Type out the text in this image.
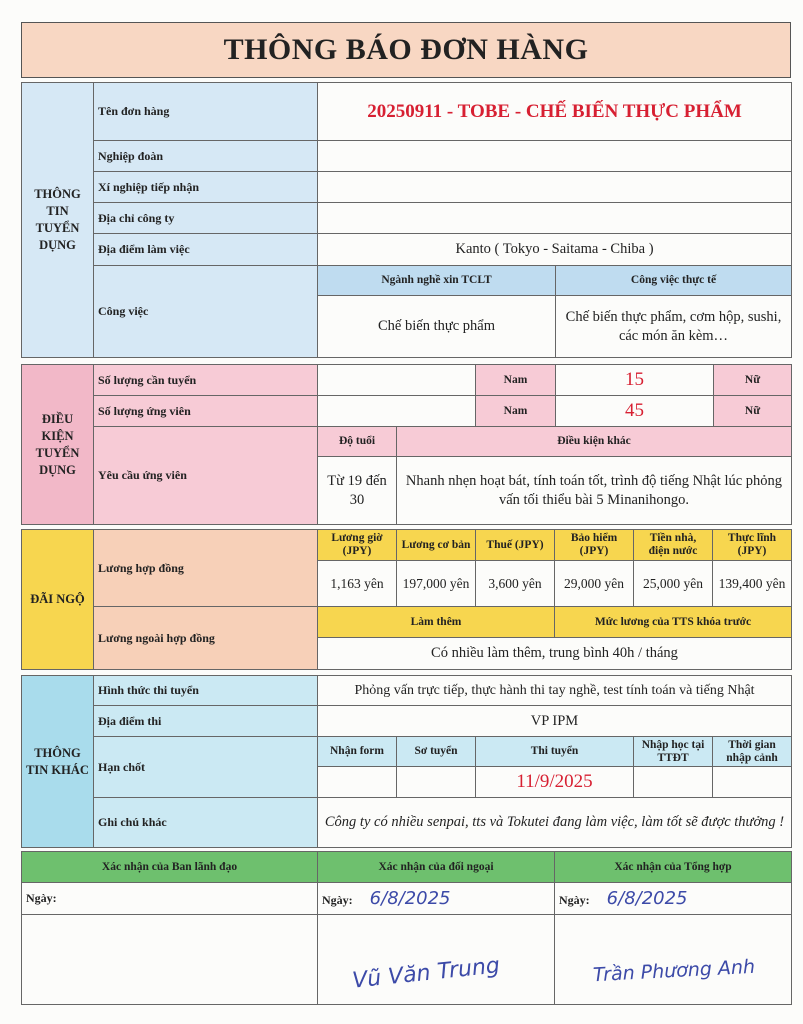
THÔNG BÁO ĐƠN HÀNG
THÔNG TIN TUYỂN DỤNG	Tên đơn hàng	20250911 - TOBE - CHẾ BIẾN THỰC PHẨM	
	Nghiệp đoàn		
	Xí nghiệp tiếp nhận		
	Địa chỉ công ty		
	Địa điểm làm việc	Kanto ( Tokyo - Saitama - Chiba )	
	Công việc	Ngành nghề xin TCLT	Công việc thực tế
		Chế biến thực phẩm	Chế biến thực phẩm, cơm hộp, sushi, các món ăn kèm…
ĐIỀU KIỆN TUYỂN DỤNG	Số lượng cần tuyển			Nam	15	Nữ
	Số lượng ứng viên			Nam	45	Nữ
	Yêu cầu ứng viên	Độ tuổi	Điều kiện khác			
		Từ 19 đến 30	Nhanh nhẹn hoạt bát, tính toán tốt, trình độ tiếng Nhật lúc phỏng vấn tối thiểu bài 5 Minanihongo.			
ĐÃI NGỘ	Lương hợp đồng	Lương giờ (JPY)	Lương cơ bản	Thuế (JPY)	Bảo hiểm (JPY)	Tiền nhà, điện nước	Thực lĩnh (JPY)
		1,163 yên	197,000 yên	3,600 yên	29,000 yên	25,000 yên	139,400 yên
	Lương ngoài hợp đồng	Làm thêm			Mức lương của TTS khóa trước		
		Có nhiều làm thêm, trung bình 40h / tháng					
THÔNG TIN KHÁC	Hình thức thi tuyển	Phỏng vấn trực tiếp, thực hành thi tay nghề, test tính toán và tiếng Nhật				
	Địa điểm thi	VP IPM				
	Hạn chốt	Nhận form	Sơ tuyển	Thi tuyển	Nhập học tại TTĐT	Thời gian nhập cảnh
				11/9/2025		
	Ghi chú khác	Công ty có nhiều senpai, tts và Tokutei đang làm việc, làm tốt sẽ được thưởng !				
Xác nhận của Ban lãnh đạo	Xác nhận của đối ngoại	Xác nhận của Tổng hợp
Ngày:	Ngày: 6/8/2025	Ngày: 6/8/2025
	Vũ Văn Trung	Trần Phương Anh
